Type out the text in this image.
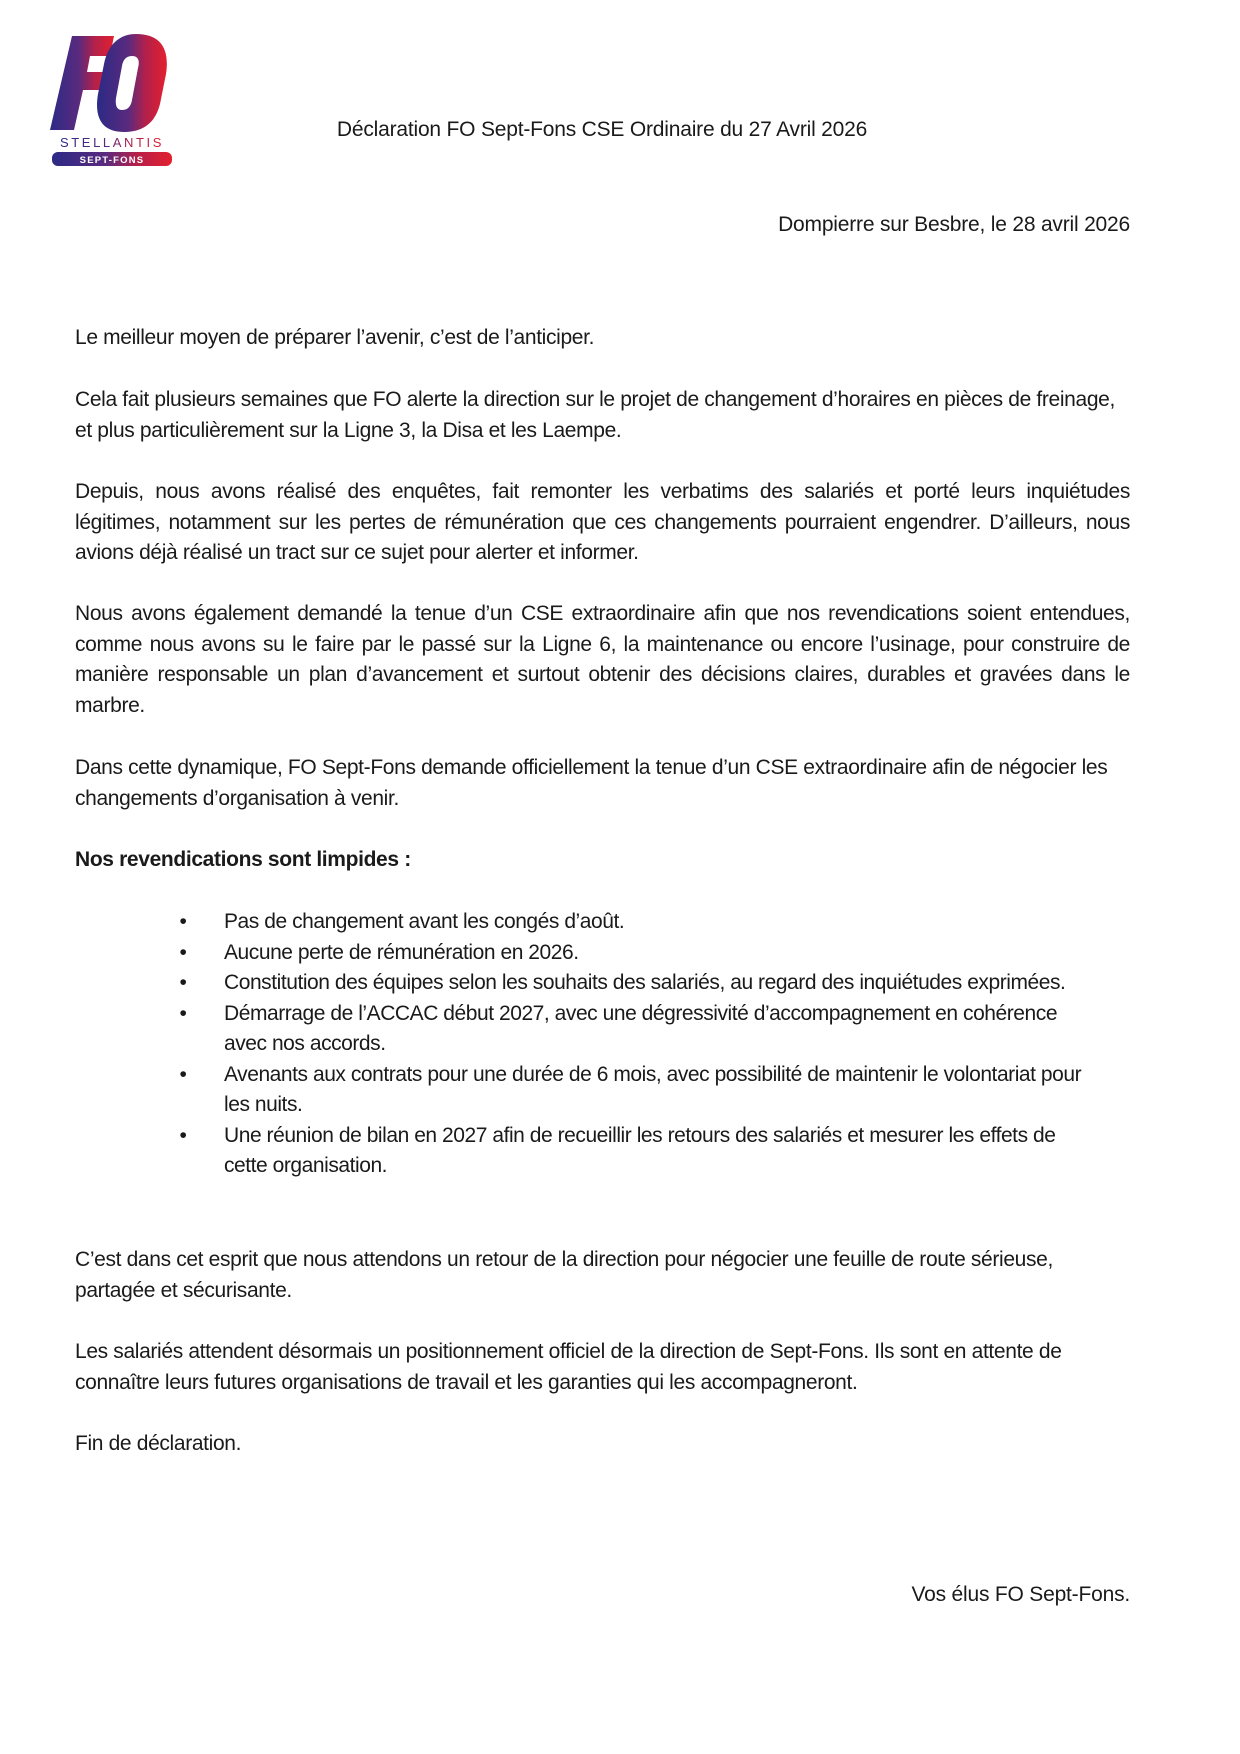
STELLANTIS
SEPT-FONS
Déclaration FO Sept-Fons CSE Ordinaire du 27 Avril 2026
Dompierre sur Besbre, le 28 avril 2026

Le meilleur moyen de préparer l’avenir, c’est de l’anticiper.

Cela fait plusieurs semaines que FO alerte la direction sur le projet de changement d’horaires en pièces de freinage, et plus particulièrement sur la Ligne 3, la Disa et les Laempe.

Depuis, nous avons réalisé des enquêtes, fait remonter les verbatims des salariés et porté leurs inquiétudes légitimes, notamment sur les pertes de rémunération que ces changements pourraient engendrer. D’ailleurs, nous avions déjà réalisé un tract sur ce sujet pour alerter et informer.

Nous avons également demandé la tenue d’un CSE extraordinaire afin que nos revendications soient entendues, comme nous avons su le faire par le passé sur la Ligne 6, la maintenance ou encore l’usinage, pour construire de manière responsable un plan d’avancement et surtout obtenir des décisions claires, durables et gravées dans le marbre.

Dans cette dynamique, FO Sept-Fons demande officiellement la tenue d’un CSE extraordinaire afin de négocier les changements d’organisation à venir.

Nos revendications sont limpides :

•	Pas de changement avant les congés d’août.
•	Aucune perte de rémunération en 2026.
•	Constitution des équipes selon les souhaits des salariés, au regard des inquiétudes exprimées.
•	Démarrage de l’ACCAC début 2027, avec une dégressivité d’accompagnement en cohérence avec nos accords.
•	Avenants aux contrats pour une durée de 6 mois, avec possibilité de maintenir le volontariat pour les nuits.
•	Une réunion de bilan en 2027 afin de recueillir les retours des salariés et mesurer les effets de cette organisation.

C’est dans cet esprit que nous attendons un retour de la direction pour négocier une feuille de route sérieuse, partagée et sécurisante.

Les salariés attendent désormais un positionnement officiel de la direction de Sept-Fons. Ils sont en attente de connaître leurs futures organisations de travail et les garanties qui les accompagneront.

Fin de déclaration.

Vos élus FO Sept-Fons.
